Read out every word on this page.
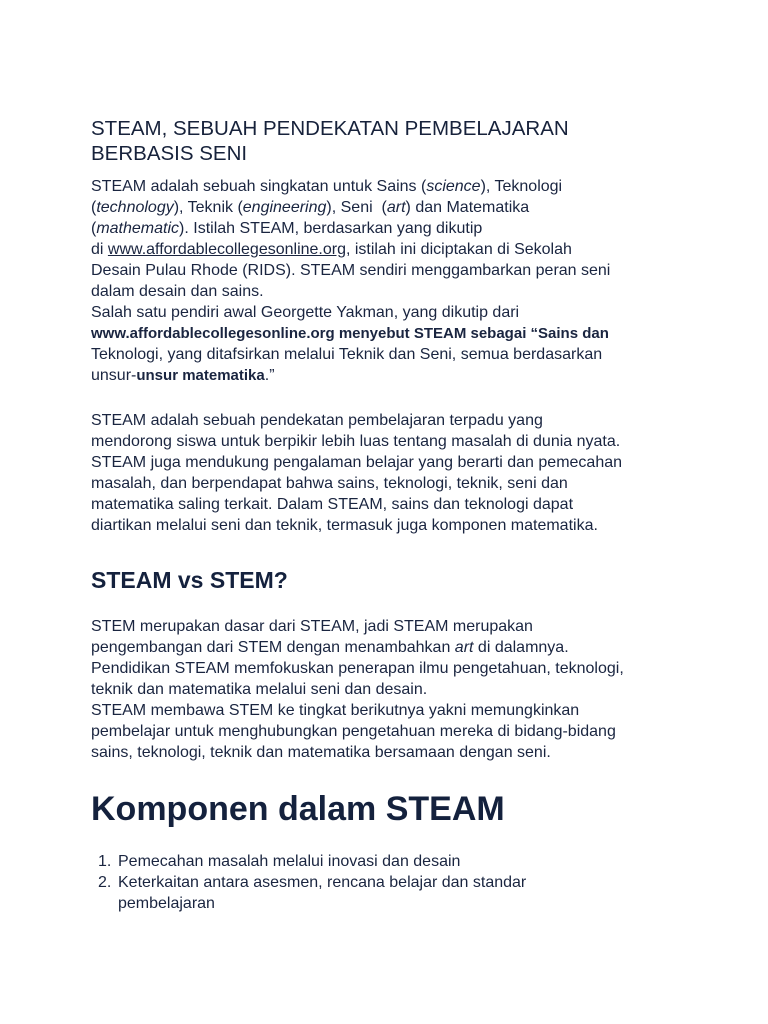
STEAM, SEBUAH PENDEKATAN PEMBELAJARAN
BERBASIS SENI

STEAM adalah sebuah singkatan untuk Sains (science), Teknologi
(technology), Teknik (engineering), Seni  (art) dan Matematika
(mathematic). Istilah STEAM, berdasarkan yang dikutip
di www.affordablecollegesonline.org, istilah ini diciptakan di Sekolah
Desain Pulau Rhode (RIDS). STEAM sendiri menggambarkan peran seni
dalam desain dan sains.
Salah satu pendiri awal Georgette Yakman, yang dikutip dari
www.affordablecollegesonline.org menyebut STEAM sebagai “Sains dan
Teknologi, yang ditafsirkan melalui Teknik dan Seni, semua berdasarkan
unsur-unsur matematika.”

STEAM adalah sebuah pendekatan pembelajaran terpadu yang
mendorong siswa untuk berpikir lebih luas tentang masalah di dunia nyata.
STEAM juga mendukung pengalaman belajar yang berarti dan pemecahan
masalah, dan berpendapat bahwa sains, teknologi, teknik, seni dan
matematika saling terkait. Dalam STEAM, sains dan teknologi dapat
diartikan melalui seni dan teknik, termasuk juga komponen matematika.

STEAM vs STEM?

STEM merupakan dasar dari STEAM, jadi STEAM merupakan
pengembangan dari STEM dengan menambahkan art di dalamnya.
Pendidikan STEAM memfokuskan penerapan ilmu pengetahuan, teknologi,
teknik dan matematika melalui seni dan desain.
STEAM membawa STEM ke tingkat berikutnya yakni memungkinkan
pembelajar untuk menghubungkan pengetahuan mereka di bidang-bidang
sains, teknologi, teknik dan matematika bersamaan dengan seni.

Komponen dalam STEAM
1. Pemecahan masalah melalui inovasi dan desain
2. Keterkaitan antara asesmen, rencana belajar dan standar
pembelajaran
